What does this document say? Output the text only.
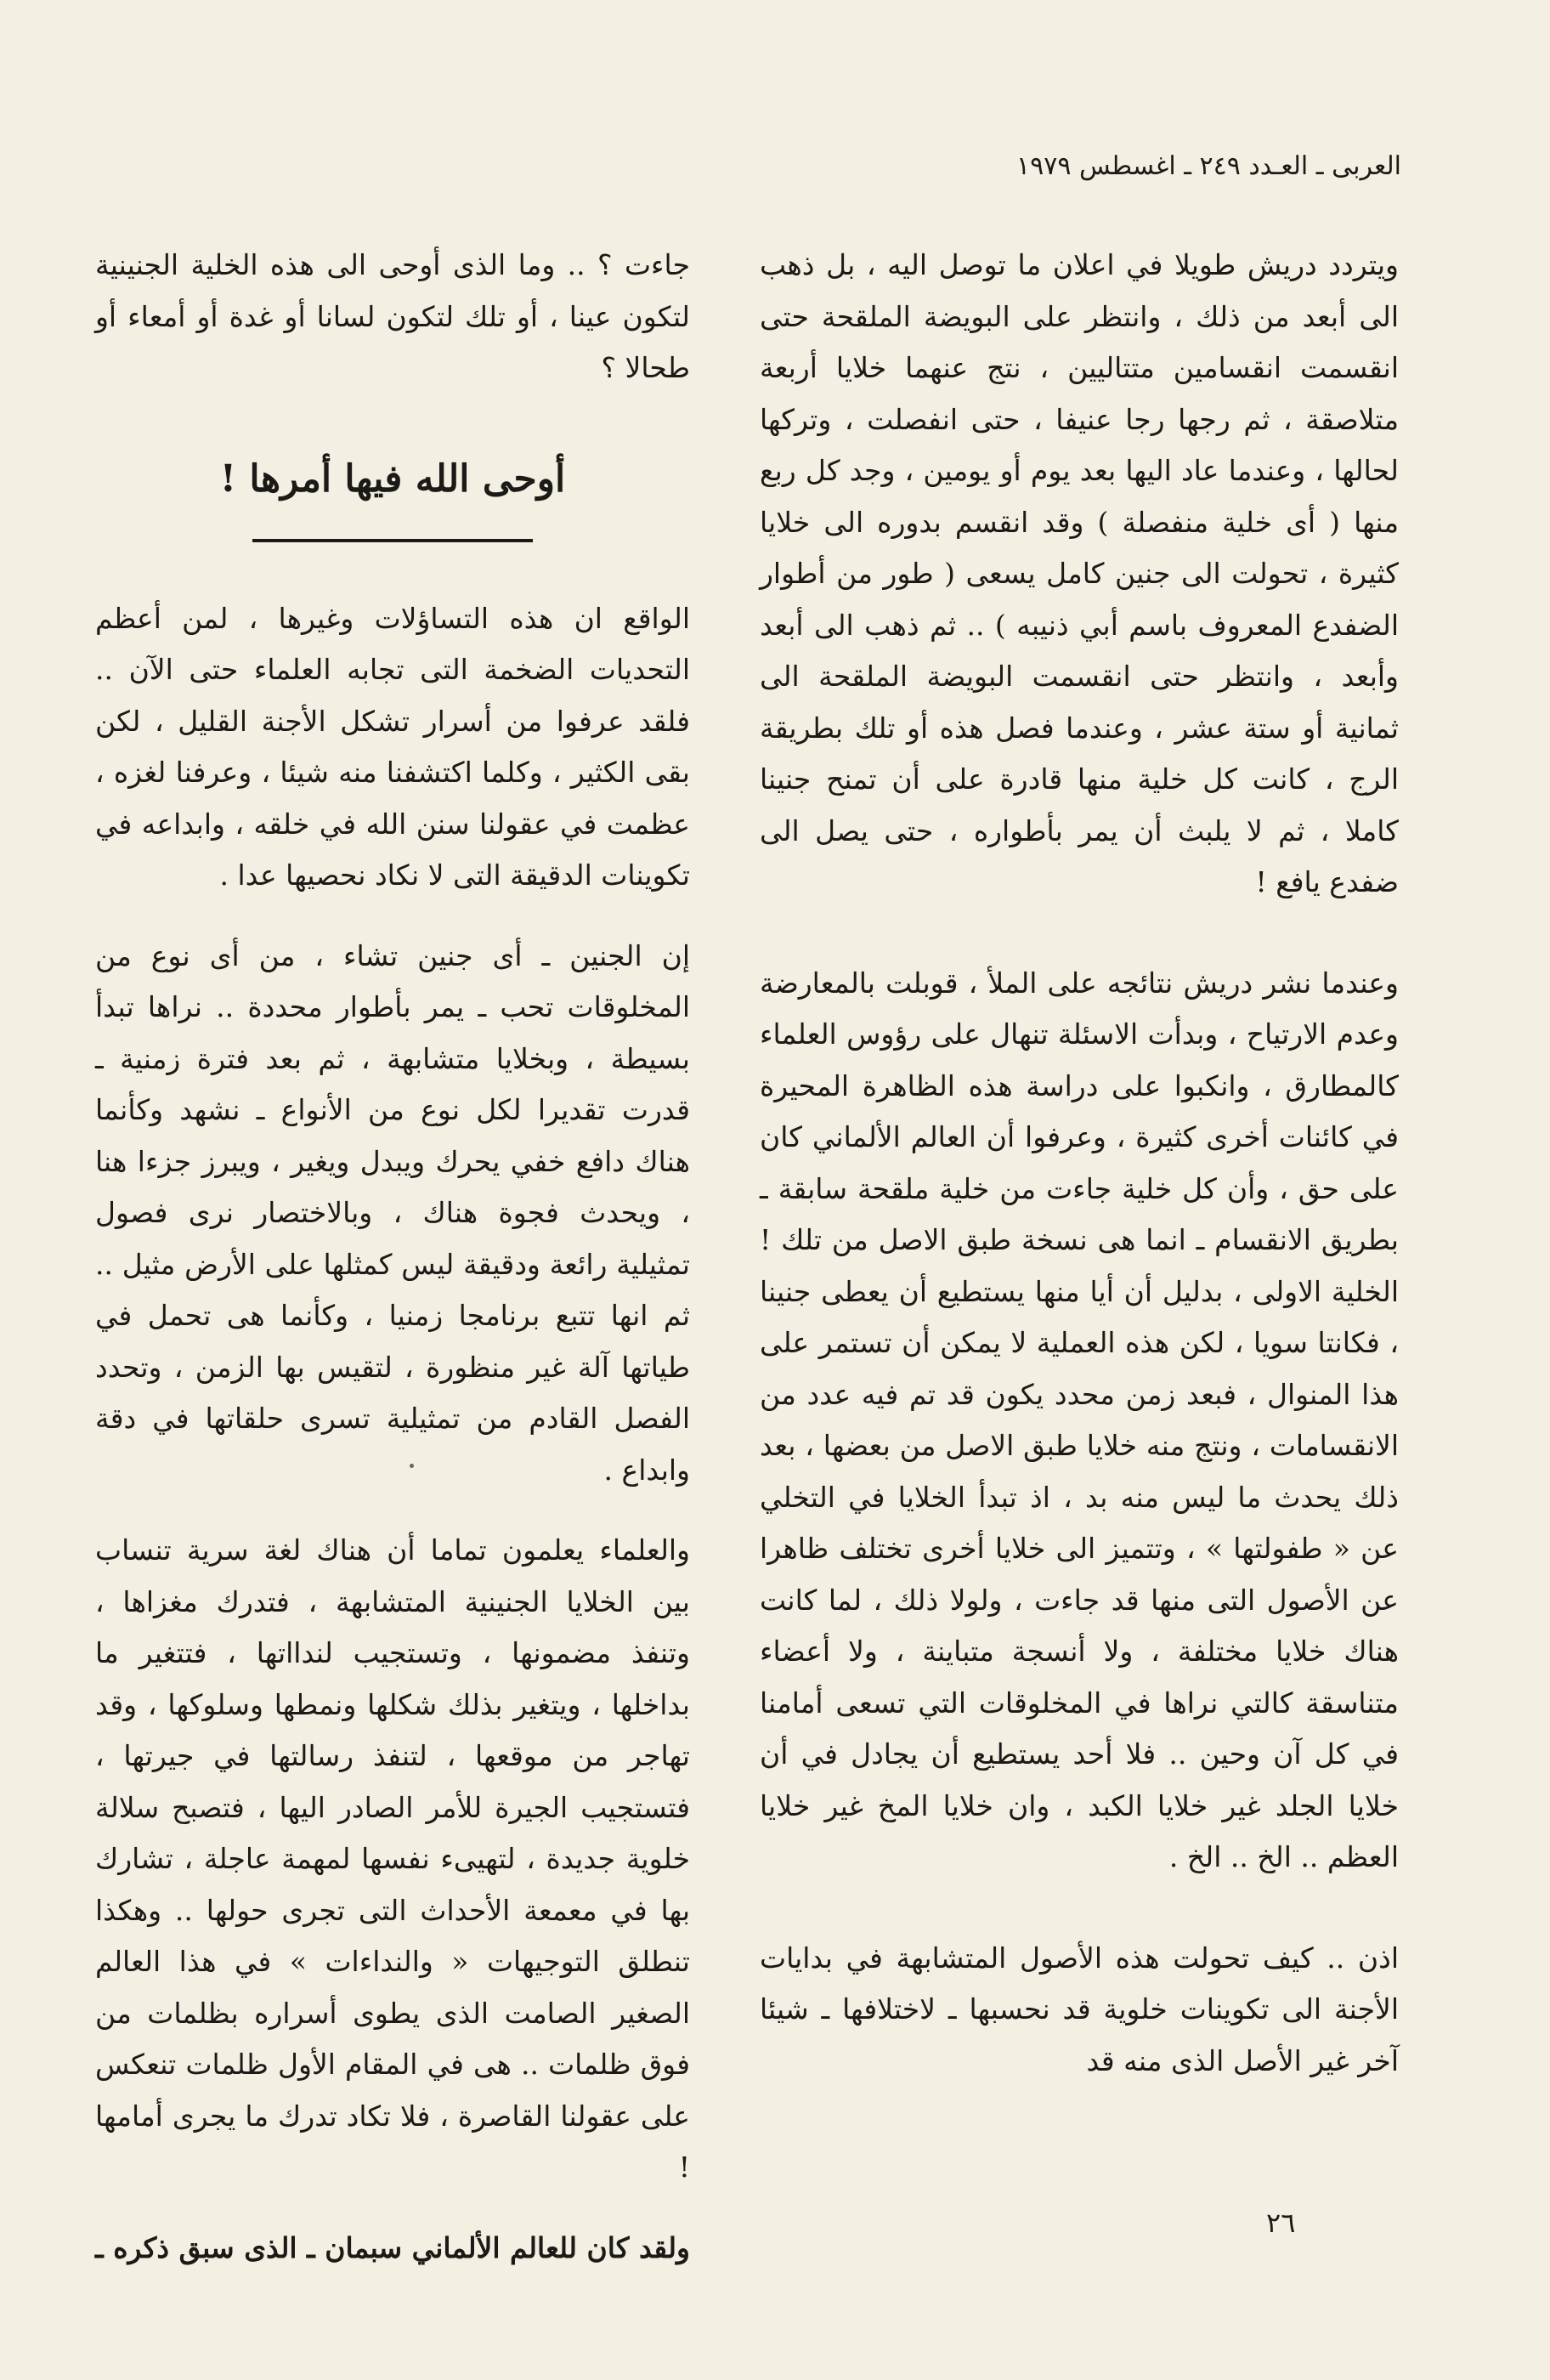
العربى ـ العـدد ٢٤٩ ـ اغسطس ١٩٧٩

ويتردد دريش طويلا في اعلان ما توصل اليه ، بل ذهب الى أبعد من ذلك ، وانتظر على البويضة الملقحة حتى انقسمت انقسامين متتاليين ، نتج عنهما خلايا أربعة متلاصقة ، ثم رجها رجا عنيفا ، حتى انفصلت ، وتركها لحالها ، وعندما عاد اليها بعد يوم أو يومين ، وجد كل ربع منها ( أى خلية منفصلة ) وقد انقسم بدوره الى خلايا كثيرة ، تحولت الى جنين كامل يسعى ( طور من أطوار الضفدع المعروف باسم أبي ذنيبه ) .. ثم ذهب الى أبعد وأبعد ، وانتظر حتى انقسمت البويضة الملقحة الى ثمانية أو ستة عشر ، وعندما فصل هذه أو تلك بطريقة الرج ، كانت كل خلية منها قادرة على أن تمنح جنينا كاملا ، ثم لا يلبث أن يمر بأطواره ، حتى يصل الى ضفدع يافع !

وعندما نشر دريش نتائجه على الملأ ، قوبلت بالمعارضة وعدم الارتياح ، وبدأت الاسئلة تنهال على رؤوس العلماء كالمطارق ، وانكبوا على دراسة هذه الظاهرة المحيرة في كائنات أخرى كثيرة ، وعرفوا أن العالم الألماني كان على حق ، وأن كل خلية جاءت من خلية ملقحة سابقة ـ بطريق الانقسام ـ انما هى نسخة طبق الاصل من تلك !الخلية الاولى ، بدليل أن أيا منها يستطيع أن يعطى جنينا ، فكانتا سويا ، لكن هذه العملية لا يمكن أن تستمر على هذا المنوال ، فبعد زمن محدد يكون قد تم فيه عدد من الانقسامات ، ونتج منه خلايا طبق الاصل من بعضها ، بعد ذلك يحدث ما ليس منه بد ، اذ تبدأ الخلايا في التخلي عن « طفولتها » ، وتتميز الى خلايا أخرى تختلف ظاهرا عن الأصول التى منها قد جاءت ، ولولا ذلك ، لما كانت هناك خلايا مختلفة ، ولا أنسجة متباينة ، ولا أعضاء متناسقة كالتي نراها في المخلوقات التي تسعى أمامنا في كل آن وحين .. فلا أحد يستطيع أن يجادل في أن خلايا الجلد غير خلايا الكبد ، وان خلايا المخ غير خلايا العظم .. الخ .. الخ .

اذن .. كيف تحولت هذه الأصول المتشابهة في بدايات الأجنة الى تكوينات خلوية قد نحسبها ـ لاختلافها ـ شيئا آخر غير الأصل الذى منه قد

جاءت ؟ .. وما الذى أوحى الى هذه الخلية الجنينية لتكون عينا ، أو تلك لتكون لسانا أو غدة أو أمعاء أو طحالا ؟

أوحى الله فيها أمرها !

الواقع ان هذه التساؤلات وغيرها ، لمن أعظم التحديات الضخمة التى تجابه العلماء حتى الآن .. فلقد عرفوا من أسرار تشكل الأجنة القليل ، لكن بقى الكثير ، وكلما اكتشفنا منه شيئا ، وعرفنا لغزه ، عظمت في عقولنا سنن الله في خلقه ، وابداعه في تكوينات الدقيقة التى لا نكاد نحصيها عدا .

إن الجنين ـ أى جنين تشاء ، من أى نوع من المخلوقات تحب ـ يمر بأطوار محددة .. نراها تبدأ بسيطة ، وبخلايا متشابهة ، ثم بعد فترة زمنية ـ قدرت تقديرا لكل نوع من الأنواع ـ نشهد وكأنما هناك دافع خفي يحرك ويبدل ويغير ، ويبرز جزءا هنا ، ويحدث فجوة هناك ، وبالاختصار نرى فصول تمثيلية رائعة ودقيقة ليس كمثلها على الأرض مثيل .. ثم انها تتبع برنامجا زمنيا ، وكأنما هى تحمل في طياتها آلة غير منظورة ، لتقيس بها الزمن ، وتحدد الفصل القادم من تمثيلية تسرى حلقاتها في دقة وابداع .

والعلماء يعلمون تماما أن هناك لغة سرية تنساب بين الخلايا الجنينية المتشابهة ، فتدرك مغزاها ، وتنفذ مضمونها ، وتستجيب لندااتها ، فتتغير ما بداخلها ، ويتغير بذلك شكلها ونمطها وسلوكها ، وقد تهاجر من موقعها ، لتنفذ رسالتها في جيرتها ، فتستجيب الجيرة للأمر الصادر اليها ، فتصبح سلالة خلوية جديدة ، لتهيىء نفسها لمهمة عاجلة ، تشارك بها في معمعة الأحداث التى تجرى حولها .. وهكذا تنطلق التوجيهات « والنداءات » في هذا العالم الصغير الصامت الذى يطوى أسراره بظلمات من فوق ظلمات .. هى في المقام الأول ظلمات تنعكس على عقولنا القاصرة ، فلا تكاد تدرك ما يجرى أمامها !

ولقد كان للعالم الألماني سبمان ـ الذى سبق ذكره ـ

٢٦
